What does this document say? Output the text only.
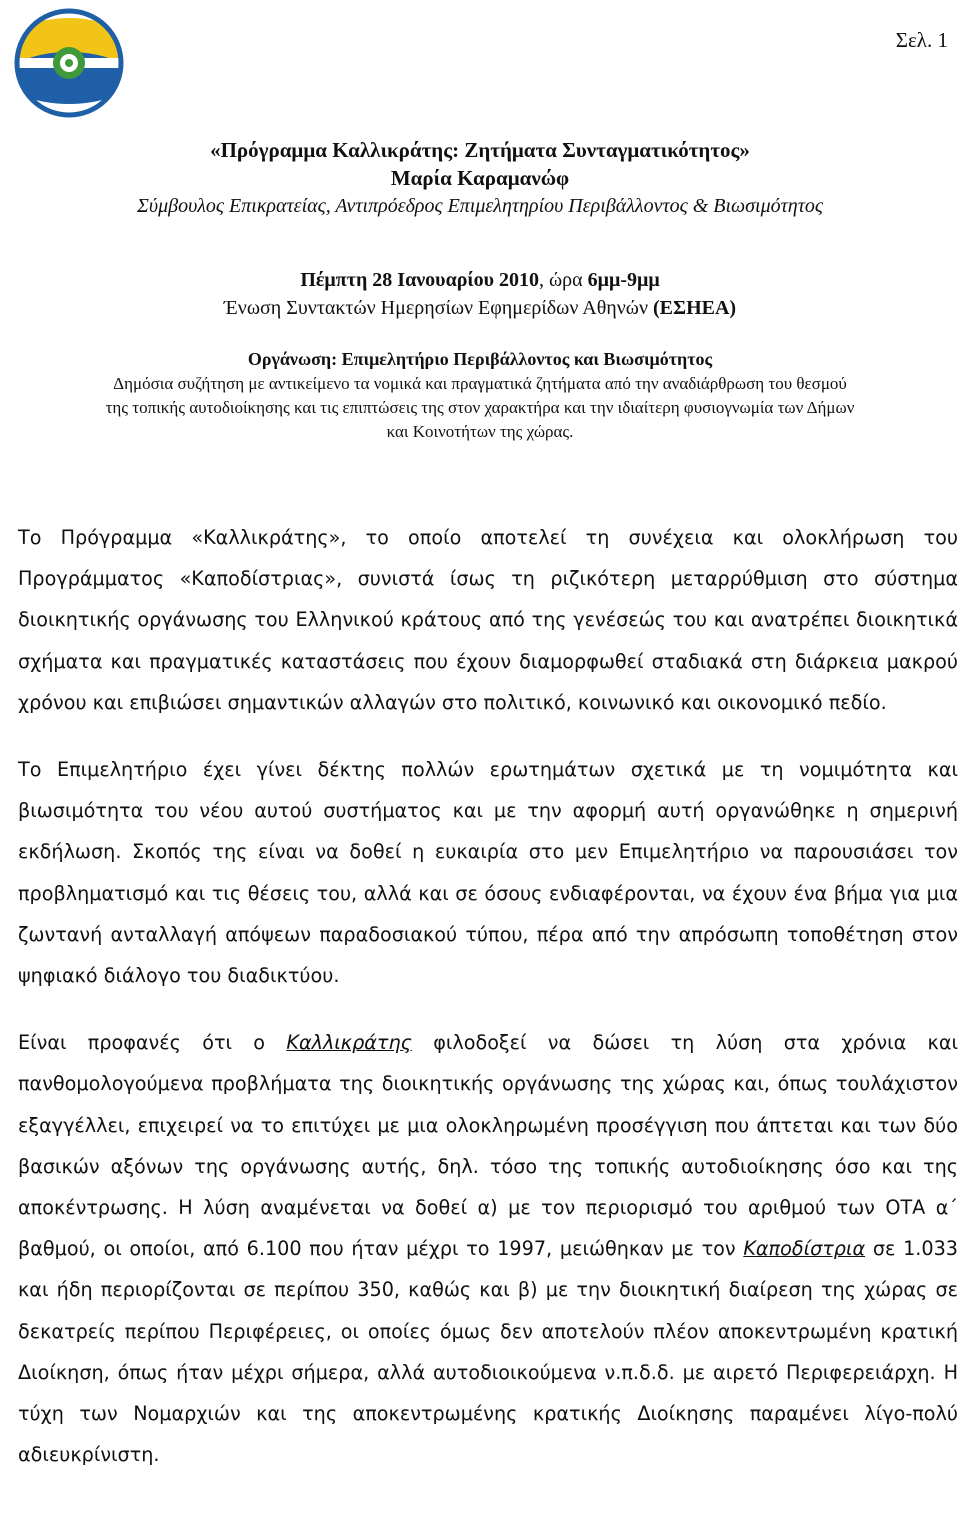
Σελ. 1

«Πρόγραμμα Καλλικράτης: Ζητήματα Συνταγματικότητος»

Μαρία Καραμανώφ

Σύμβουλος Επικρατείας, Αντιπρόεδρος Επιμελητηρίου Περιβάλλοντος & Βιωσιμότητος

Πέμπτη 28 Ιανουαρίου 2010, ώρα 6μμ-9μμ
Ένωση Συντακτών Ημερησίων Εφημερίδων Αθηνών (ΕΣΗΕΑ)
Οργάνωση: Επιμελητήριο Περιβάλλοντος και Βιωσιμότητος

Δημόσια συζήτηση με αντικείμενο τα νομικά και πραγματικά ζητήματα από την αναδιάρθρωση του θεσμού της τοπικής αυτοδιοίκησης και τις επιπτώσεις της στον χαρακτήρα και την ιδιαίτερη φυσιογνωμία των Δήμων και Κοινοτήτων της χώρας.

Το Πρόγραμμα «Καλλικράτης», το οποίο αποτελεί τη συνέχεια και ολοκλήρωση του Προγράμματος «Καποδίστριας», συνιστά ίσως τη ριζικότερη μεταρρύθμιση στο σύστημα διοικητικής οργάνωσης του Ελληνικού κράτους από της γενέσεώς του και ανατρέπει διοικητικά σχήματα και πραγματικές καταστάσεις που έχουν διαμορφωθεί σταδιακά στη διάρκεια μακρού χρόνου και επιβιώσει σημαντικών αλλαγών στο πολιτικό, κοινωνικό και οικονομικό πεδίο.

Το Επιμελητήριο έχει γίνει δέκτης πολλών ερωτημάτων σχετικά με τη νομιμότητα και βιωσιμότητα του νέου αυτού συστήματος και με την αφορμή αυτή οργανώθηκε η σημερινή εκδήλωση. Σκοπός της είναι να δοθεί η ευκαιρία στο μεν Επιμελητήριο να παρουσιάσει τον προβληματισμό και τις θέσεις του, αλλά και σε όσους ενδιαφέρονται, να έχουν ένα βήμα για μια ζωντανή ανταλλαγή απόψεων παραδοσιακού τύπου, πέρα από την απρόσωπη τοποθέτηση στον ψηφιακό διάλογο του διαδικτύου.

Είναι προφανές ότι ο Καλλικράτης φιλοδοξεί να δώσει τη λύση στα χρόνια και πανθομολογούμενα προβλήματα της διοικητικής οργάνωσης της χώρας και, όπως τουλάχιστον εξαγγέλλει, επιχειρεί να το επιτύχει με μια ολοκληρωμένη προσέγγιση που άπτεται και των δύο βασικών αξόνων της οργάνωσης αυτής, δηλ. τόσο της τοπικής αυτοδιοίκησης όσο και της αποκέντρωσης. Η λύση αναμένεται να δοθεί α) με τον περιορισμό του αριθμού των ΟΤΑ α΄ βαθμού, οι οποίοι, από 6.100 που ήταν μέχρι το 1997, μειώθηκαν με τον Καποδίστρια σε 1.033 και ήδη περιορίζονται σε περίπου 350, καθώς και β) με την διοικητική διαίρεση της χώρας σε δεκατρείς περίπου Περιφέρειες, οι οποίες όμως δεν αποτελούν πλέον αποκεντρωμένη κρατική Διοίκηση, όπως ήταν μέχρι σήμερα, αλλά αυτοδιοικούμενα ν.π.δ.δ. με αιρετό Περιφερειάρχη. Η τύχη των Νομαρχιών και της αποκεντρωμένης κρατικής Διοίκησης παραμένει λίγο-πολύ αδιευκρίνιστη.
